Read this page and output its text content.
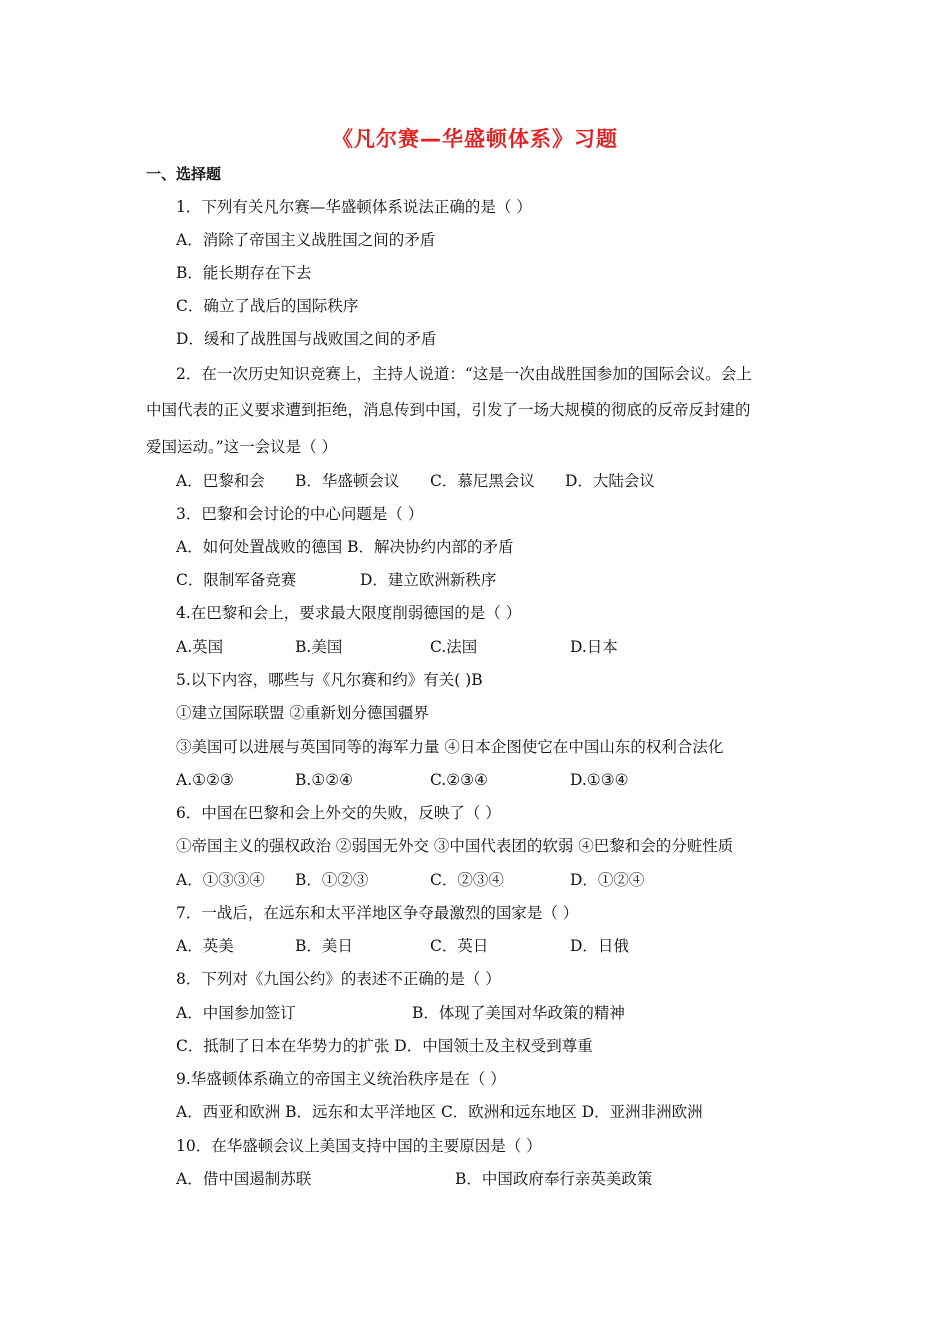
《凡尔赛—华盛顿体系》习题
一、选择题
1．下列有关凡尔赛—华盛顿体系说法正确的是（ ）
A．消除了帝国主义战胜国之间的矛盾
B．能长期存在下去
C．确立了战后的国际秩序
D．缓和了战胜国与战败国之间的矛盾
2．在一次历史知识竞赛上，主持人说道：“这是一次由战胜国参加的国际会议。会上
中国代表的正义要求遭到拒绝，消息传到中国，引发了一场大规模的彻底的反帝反封建的
爱国运动。”这一会议是（ ）
A．巴黎和会 B．华盛顿会议 C．慕尼黑会议 D．大陆会议
3．巴黎和会讨论的中心问题是（ ）
A．如何处置战败的德国 B．解决协约内部的矛盾
C．限制军备竞赛	D．建立欧洲新秩序
4.在巴黎和会上，要求最大限度削弱德国的是（ ）
A.英国	B.美国	C.法国	D.日本
5.以下内容，哪些与《凡尔赛和约》有关( )B
①建立国际联盟 ②重新划分德国疆界
③美国可以进展与英国同等的海军力量 ④日本企图使它在中国山东的权利合法化
A.①②③	B.①②④	C.②③④	D.①③④
6．中国在巴黎和会上外交的失败，反映了（ ）
①帝国主义的强权政治 ②弱国无外交 ③中国代表团的软弱 ④巴黎和会的分赃性质
A．①③③④ B．①②③	C．②③④	D．①②④
7．一战后，在远东和太平洋地区争夺最激烈的国家是（ ）
A．英美	B．美日	C．英日	D．日俄
8．下列对《九国公约》的表述不正确的是（ ）
A．中国参加签订	B．体现了美国对华政策的精神
C．抵制了日本在华势力的扩张 D．中国领土及主权受到尊重
9.华盛顿体系确立的帝国主义统治秩序是在（ ）
A．西亚和欧洲 B．远东和太平洋地区 C．欧洲和远东地区 D．亚洲非洲欧洲
10．在华盛顿会议上美国支持中国的主要原因是（ ）
A．借中国遏制苏联	B．中国政府奉行亲英美政策
